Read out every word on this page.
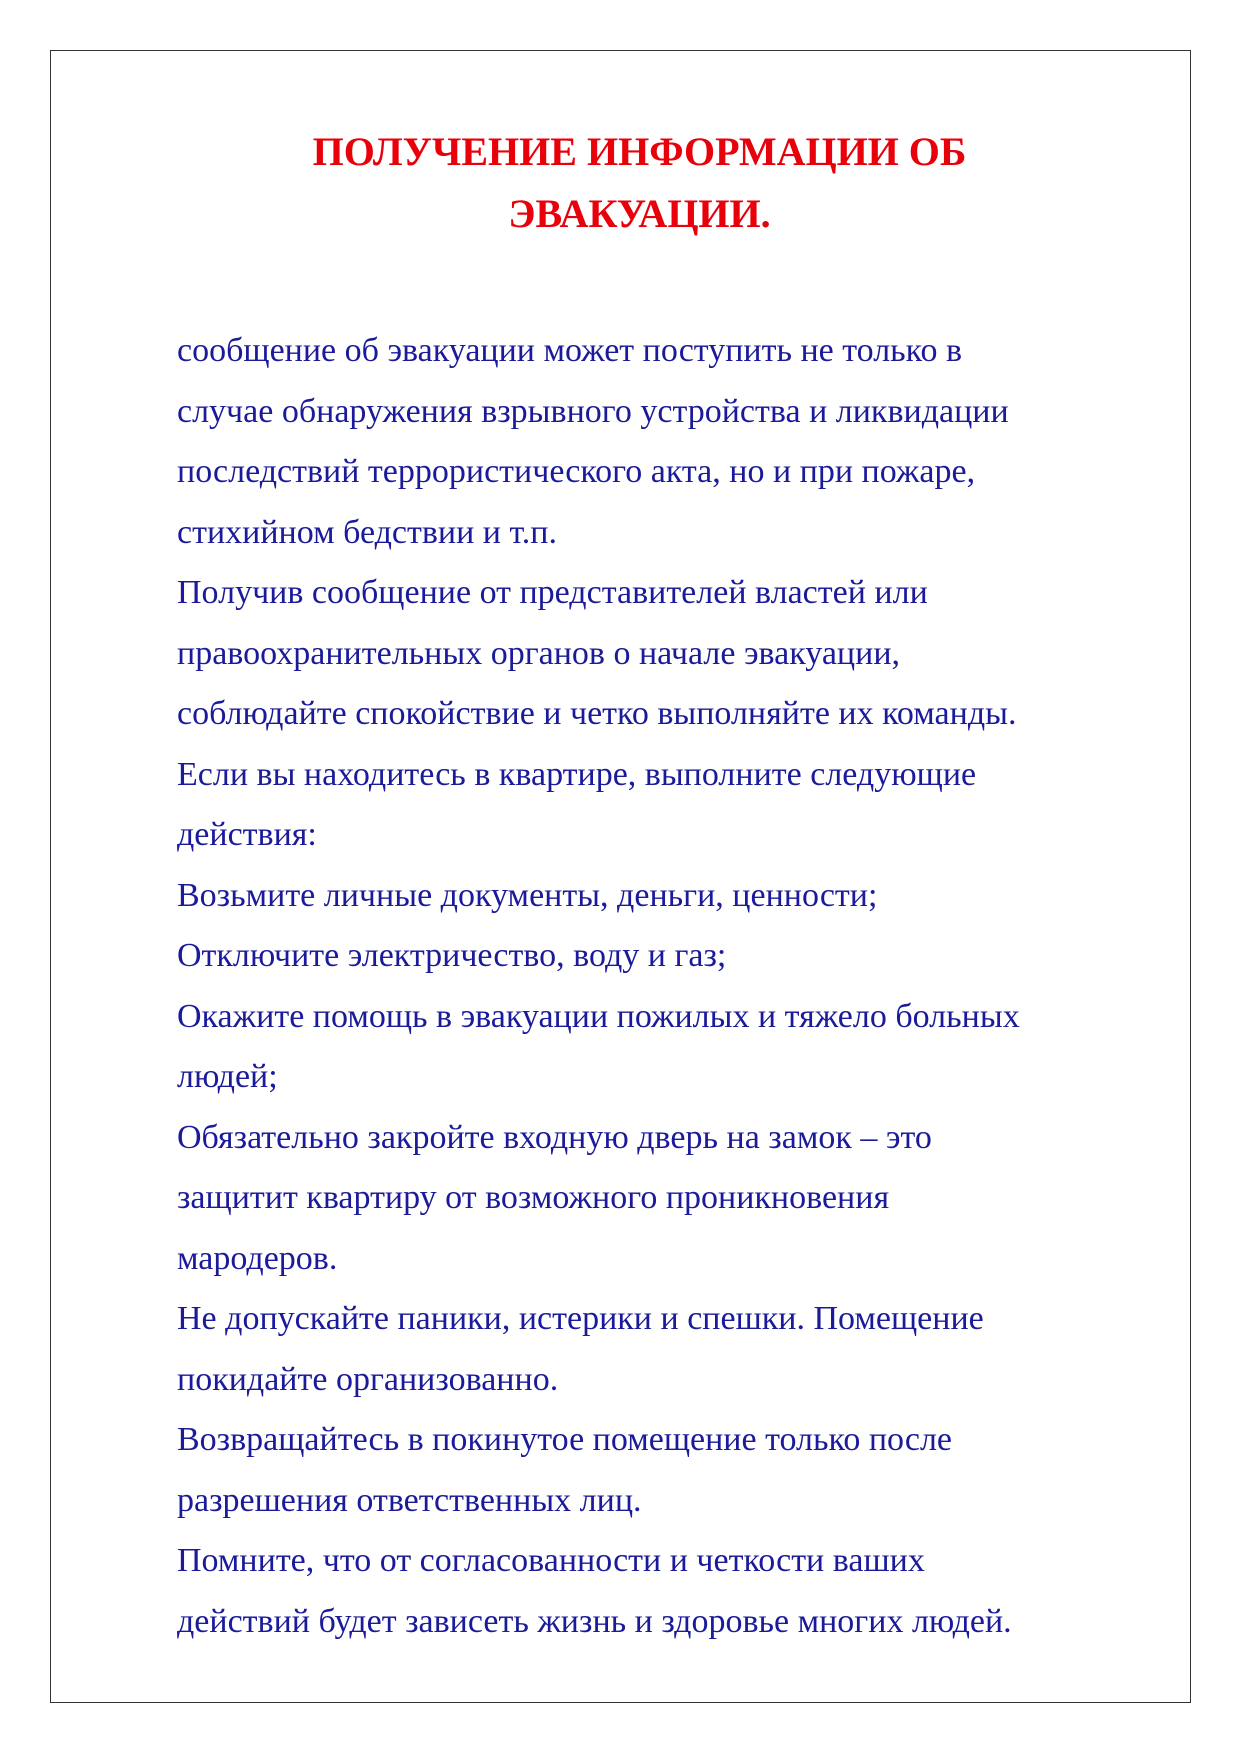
ПОЛУЧЕНИЕ ИНФОРМАЦИИ ОБ
ЭВАКУАЦИИ.
сообщение об эвакуации может поступить не только в
случае обнаружения взрывного устройства и ликвидации
последствий террористического акта, но и при пожаре,
стихийном бедствии и т.п.
Получив сообщение от представителей властей или
правоохранительных органов о начале эвакуации,
соблюдайте спокойствие и четко выполняйте их команды.
Если вы находитесь в квартире, выполните следующие
действия:
Возьмите личные документы, деньги, ценности;
Отключите электричество, воду и газ;
Окажите помощь в эвакуации пожилых и тяжело больных
людей;
Обязательно закройте входную дверь на замок – это
защитит квартиру от возможного проникновения
мародеров.
Не допускайте паники, истерики и спешки. Помещение
покидайте организованно.
Возвращайтесь в покинутое помещение только после
разрешения ответственных лиц.
Помните, что от согласованности и четкости ваших
действий будет зависеть жизнь и здоровье многих людей.
